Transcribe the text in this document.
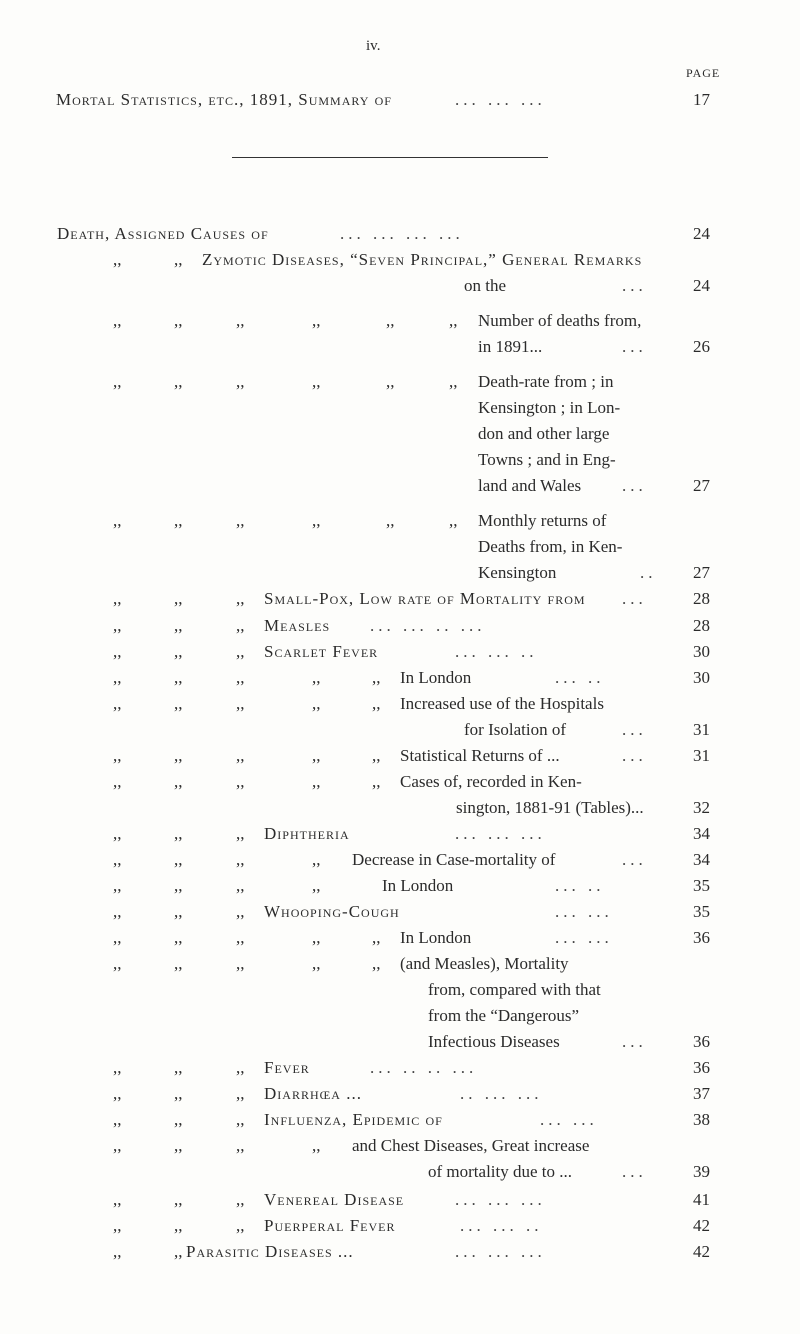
iv.
PAGE
Mortal Statistics, etc., 1891, Summary of	... ... ...	17
Death, Assigned Causes of	... ... ... ...	24
,,	,, Zymotic Diseases, “Seven Principal,” General Remarks
on the	...	24
,,	,,	,,	,,	,,	,, Number of deaths from,
in 1891...	...	26
,,	,,	,,	,,	,,	,, Death-rate from ; in
Kensington ; in Lon-
don and other large
Towns ; and in Eng-
land and Wales ...	27
,,	,,	,,	,,	,,	,, Monthly returns of
Deaths from, in Ken-
Kensington	..	27
,,	,,	,, Small-Pox, Low rate of Mortality from ...	28
,,	,,	,, Measles ... ... .. ...	28
,,	,,	,, Scarlet Fever	... ... ..	30
,,	,,	,,	,,	,, In London	... ..	30
,,	,,	,,	,,	,, Increased use of the Hospitals
for Isolation of	...	31
,,	,,	,,	,,	,, Statistical Returns of ...	...	31
,,	,,	,,	,,	,, Cases of, recorded in Ken-
sington, 1881-91 (Tables)...	32
,,	,,	,, Diphtheria	... ... ...	34
,,	,,	,,	,, Decrease in Case-mortality of	...	34
,,	,,	,,	,,	In London	... ..	35
,,	,,	,, Whooping-Cough	... ...	35
,,	,,	,,	,,	,, In London	... ...	36
,,	,,	,,	,,	,, (and Measles), Mortality
from, compared with that
from the “Dangerous”
Infectious Diseases	...	36
,,	,,	,, Fever	... .. .. ...	36
,,	,,	,, Diarrhœa ...	.. ... ...	37
,,	,,	,, Influenza, Epidemic of	... ...	38
,,	,,	,,	,, and Chest Diseases, Great increase
of mortality due to ...	...	39
,,	,,	,, Venereal Disease	... ... ...	41
,,	,,	,, Puerperal Fever	... ... ..	42
,,	,, Parasitic Diseases ...	... ... ...	42
